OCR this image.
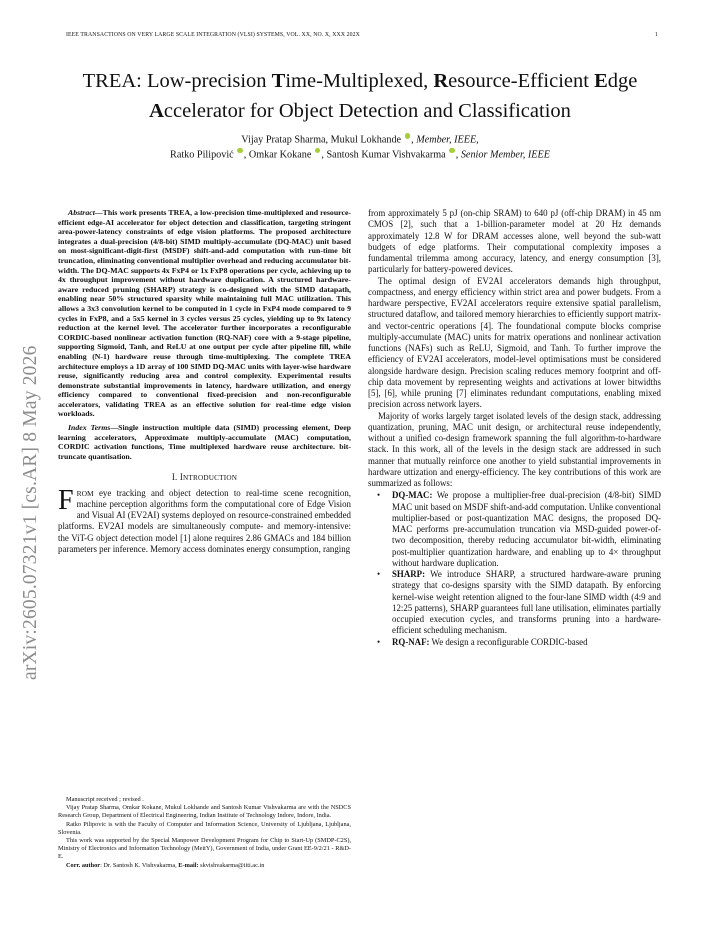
IEEE TRANSACTIONS ON VERY LARGE SCALE INTEGRATION (VLSI) SYSTEMS, VOL. XX, NO. X, XXX 202X	1
arXiv:2605.07321v1 [cs.AR] 8 May 2026
TREA: Low-precision Time-Multiplexed, Resource-Efficient Edge
Accelerator for Object Detection and Classification
Vijay Pratap Sharma, Mukul Lokhande , Member, IEEE,
Ratko Pilipović , Omkar Kokane , Santosh Kumar Vishvakarma , Senior Member, IEEE
Abstract—This work presents TREA, a low-precision time-multiplexed and resource-efficient edge-AI accelerator for object detection and classification, targeting stringent area-power-latency constraints of edge vision platforms. The proposed architecture integrates a dual-precision (4/8-bit) SIMD multiply-accumulate (DQ-MAC) unit based on most-significant-digit-first (MSDF) shift-and-add computation with run-time bit truncation, eliminating conventional multiplier overhead and reducing accumulator bit-width. The DQ-MAC supports 4x FxP4 or 1x FxP8 operations per cycle, achieving up to 4x throughput improvement without hardware duplication. A structured hardware-aware reduced pruning (SHARP) strategy is co-designed with the SIMD datapath, enabling near 50% structured sparsity while maintaining full MAC utilization. This allows a 3x3 convolution kernel to be computed in 1 cycle in FxP4 mode compared to 9 cycles in FxP8, and a 5x5 kernel in 3 cycles versus 25 cycles, yielding up to 9x latency reduction at the kernel level. The accelerator further incorporates a reconfigurable CORDIC-based nonlinear activation function (RQ-NAF) core with a 9-stage pipeline, supporting Sigmoid, Tanh, and ReLU at one output per cycle after pipeline fill, while enabling (N-1) hardware reuse through time-multiplexing. The complete TREA architecture employs a 1D array of 100 SIMD DQ-MAC units with layer-wise hardware reuse, significantly reducing area and control complexity. Experimental results demonstrate substantial improvements in latency, hardware utilization, and energy efficiency compared to conventional fixed-precision and non-reconfigurable accelerators, validating TREA as an effective solution for real-time edge vision workloads.
Index Terms—Single instruction multiple data (SIMD) processing element, Deep learning accelerators, Approximate multiply-accumulate (MAC) computation, CORDIC activation functions, Time multiplexed hardware reuse architecture. bit-truncate quantisation.
I. INTRODUCTION

FROM eye tracking and object detection to real-time scene recognition, machine perception algorithms form the computational core of Edge Vision and Visual AI (EV2AI) systems deployed on resource-constrained embedded platforms. EV2AI models are simultaneously compute- and memory-intensive: the ViT-G object detection model [1] alone requires 2.86 GMACs and 184 billion parameters per inference. Memory access dominates energy consumption, ranging

Manuscript received ; revised .

Vijay Pratap Sharma, Omkar Kokane, Mukul Lokhande and Santosh Kumar Vishvakarma are with the NSDCS Research Group, Department of Electrical Engineering, Indian Institute of Technology Indore, Indore, India.

Ratko Pilipovic is with the Faculty of Computer and Information Science, University of Ljubljana, Ljubljana, Slovenia.

This work was supported by the Special Manpower Development Program for Chip to Start-Up (SMDP-C2S), Ministry of Electronics and Information Technology (MeitY), Government of India, under Grant EE-9/2/21 - R&D-E.

Corr. author: Dr. Santosh K. Vishvakarma, E-mail: skvishvakarma@iiti.ac.in

from approximately 5 pJ (on-chip SRAM) to 640 pJ (off-chip DRAM) in 45 nm CMOS [2], such that a 1-billion-parameter model at 20 Hz demands approximately 12.8 W for DRAM accesses alone, well beyond the sub-watt budgets of edge platforms. Their computational complexity imposes a fundamental trilemma among accuracy, latency, and energy consumption [3], particularly for battery-powered devices.

The optimal design of EV2AI accelerators demands high throughput, compactness, and energy efficiency within strict area and power budgets. From a hardware perspective, EV2AI accelerators require extensive spatial parallelism, structured dataflow, and tailored memory hierarchies to efficiently support matrix- and vector-centric operations [4]. The foundational compute blocks comprise multiply-accumulate (MAC) units for matrix operations and nonlinear activation functions (NAFs) such as ReLU, Sigmoid, and Tanh. To further improve the efficiency of EV2AI accelerators, model-level optimisations must be considered alongside hardware design. Precision scaling reduces memory footprint and off-chip data movement by representing weights and activations at lower bitwidths [5], [6], while pruning [7] eliminates redundant computations, enabling mixed precision across network layers.

Majority of works largely target isolated levels of the design stack, addressing quantization, pruning, MAC unit design, or architectural reuse independently, without a unified co-design framework spanning the full algorithm-to-hardware stack. In this work, all of the levels in the design stack are addressed in such manner that mutually reinforce one another to yield substantial improvements in hardware uttization and energy-efficiency. The key contributions of this work are summarized as follows:

• DQ-MAC: We propose a multiplier-free dual-precision (4/8-bit) SIMD MAC unit based on MSDF shift-and-add computation. Unlike conventional multiplier-based or post-quantization MAC designs, the proposed DQ-MAC performs pre-accumulation truncation via MSD-guided power-of-two decomposition, thereby reducing accumulator bit-width, eliminating post-multiplier quantization hardware, and enabling up to 4× throughput without hardware duplication.
• SHARP: We introduce SHARP, a structured hardware-aware pruning strategy that co-designs sparsity with the SIMD datapath. By enforcing kernel-wise weight retention aligned to the four-lane SIMD width (4:9 and 12:25 patterns), SHARP guarantees full lane utilisation, eliminates partially occupied execution cycles, and transforms pruning into a hardware-efficient scheduling mechanism.
• RQ-NAF: We design a reconfigurable CORDIC-based
